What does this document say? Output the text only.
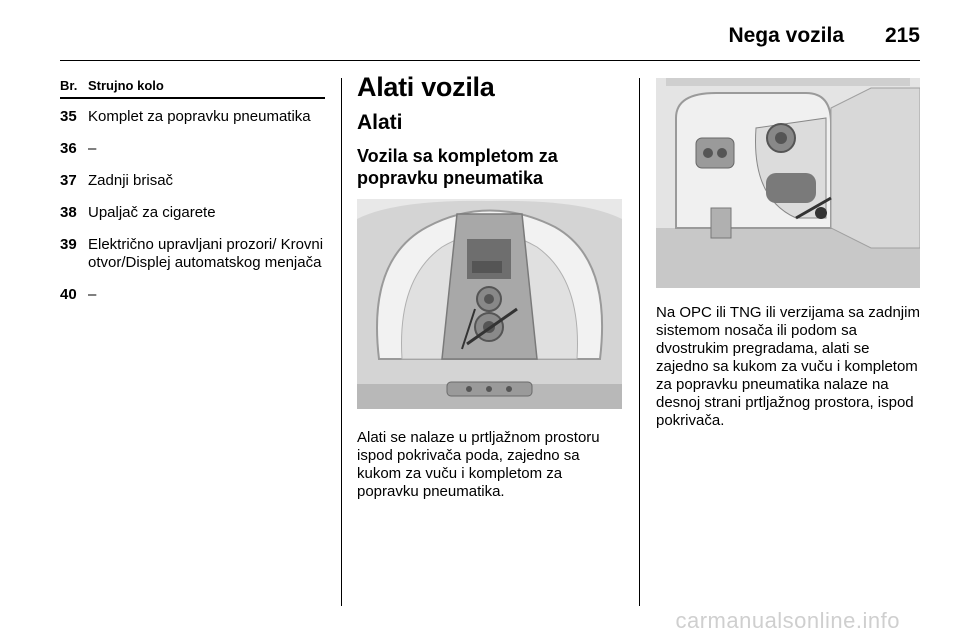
Nega vozila 215
Br. Strujno kolo
35 Komplet za popravku pneumatika
36 –
37 Zadnji brisač
38 Upaljač za cigarete
39 Električno upravljani prozori/ Krovni otvor/Displej automatskog menjača
40 –
Alati vozila
Alati
Vozila sa kompletom za popravku pneumatika
Alati se nalaze u prtljažnom prostoru ispod pokrivača poda, zajedno sa kukom za vuču i kompletom za popravku pneumatika.
Na OPC ili TNG ili verzijama sa zadnjim sistemom nosača ili podom sa dvostrukim pregradama, alati se zajedno sa kukom za vuču i kompletom za popravku pneumatika nalaze na desnoj strani prtljažnog prostora, ispod pokrivača.
carmanualsonline.info
